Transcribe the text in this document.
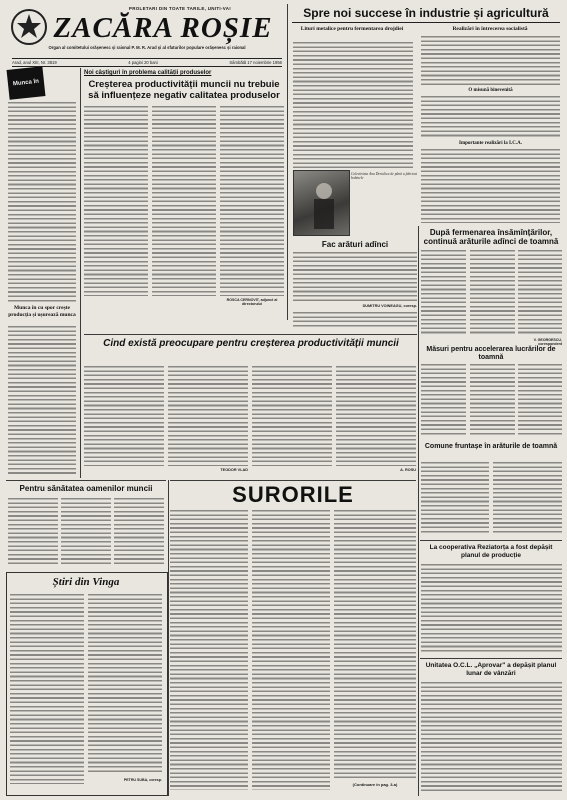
PROLETARI DIN TOATE TARILE, UNITI-VA!
ZACĂRA ROȘIE
Organ al comitetului orășenesc și raional P. M. R. Arad și al sfaturilor populare orășenesc și raional
Arad, anul XIII, Nr. 3819	4 pagini 20 bani	Sâmbătă 17 noiembrie 1956
Spre noi succese în industrie și agricultură
Lituri metalice pentru fermentarea drojdiei	Realizări în întrecerea socialistă
O misună binevenită
Importante realizări la I.C.A.
Colectivista Ana Dreiulica de până a fabricat bobinele
Fac arături adînci
DUMITRU VOINEAGU, coresp.
După fermenarea însămînțărilor, continuă arăturile adînci de toamnă
V. GEORGESCU, corespondent
Măsuri pentru accelerarea lucrărilor de toamnă
Comune fruntașe în arăturile de toamnă
La cooperativa Reziatorța a fost depășit planul de producție
Unitatea O.C.L. „Aprovar" a depășit planul lunar de vânzări
Munca în
Munca în cu spor crește producția și ușurează munca
Noi câștiguri în problema calității produselor
Creșterea productivității muncii nu trebuie să influențeze negativ calitatea produselor
ROSCA CERNOVIT, adjunct al directorului
Cind există preocupare pentru creșterea productivității muncii
TEODOR VLAD	A. ROSU
Pentru sănătatea oamenilor muncii
Știri din Vinga
PETRU SUBA, coresp.
SURORILE
(Continuare în pag. 3-a)
